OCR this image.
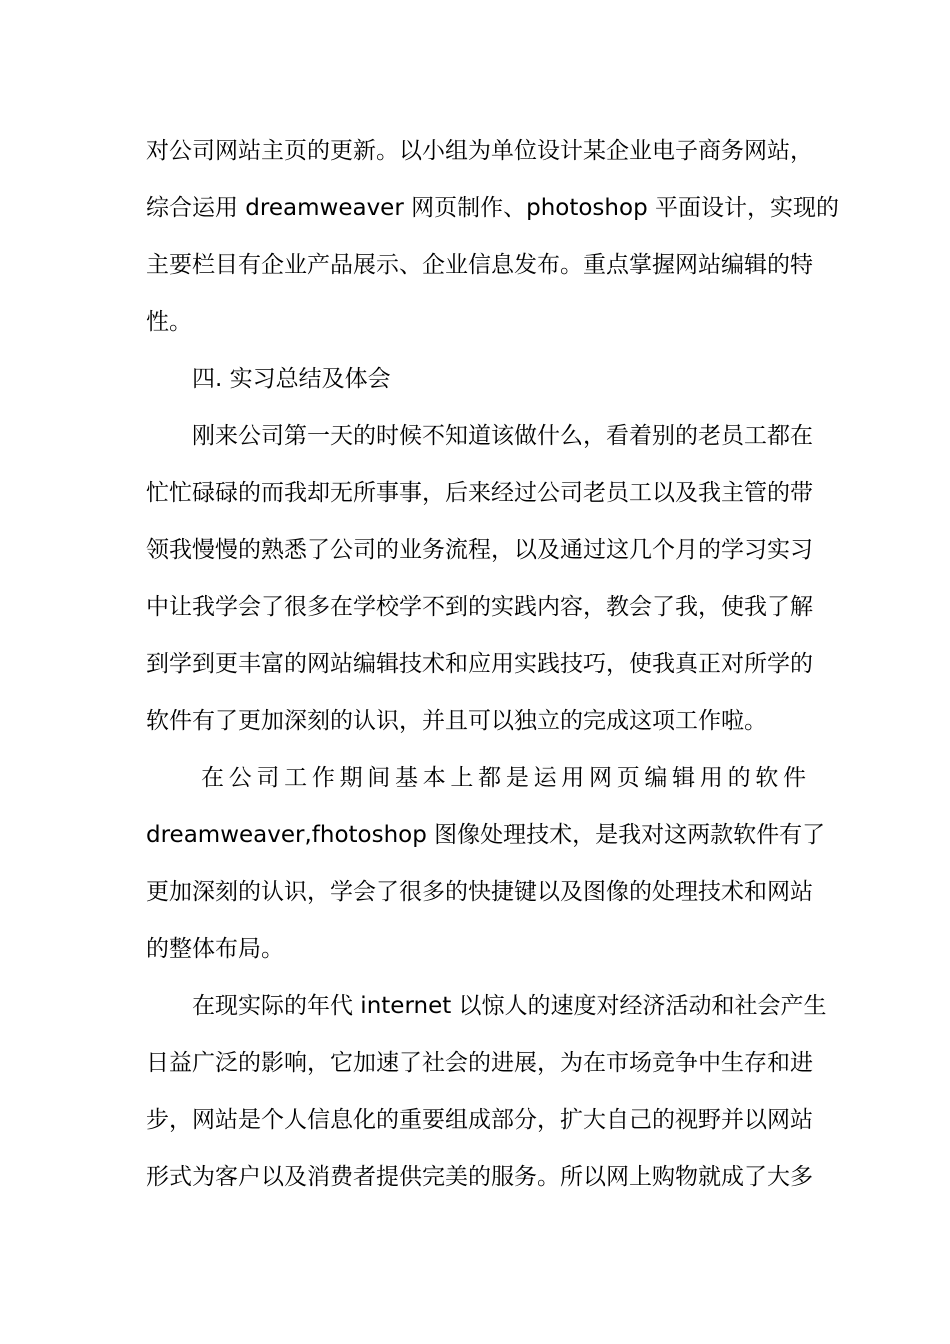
对公司网站主页的更新。以小组为单位设计某企业电子商务网站，
综合运用 dreamweaver 网页制作、photoshop 平面设计，实现的
主要栏目有企业产品展示、企业信息发布。重点掌握网站编辑的特
性。
四. 实习总结及体会
刚来公司第一天的时候不知道该做什么，看着别的老员工都在
忙忙碌碌的而我却无所事事，后来经过公司老员工以及我主管的带
领我慢慢的熟悉了公司的业务流程，以及通过这几个月的学习实习
中让我学会了很多在学校学不到的实践内容，教会了我，使我了解
到学到更丰富的网站编辑技术和应用实践技巧，使我真正对所学的
软件有了更加深刻的认识，并且可以独立的完成这项工作啦。
在公司工作期间基本上都是运用网页编辑用的软件
dreamweaver,fhotoshop 图像处理技术，是我对这两款软件有了
更加深刻的认识，学会了很多的快捷键以及图像的处理技术和网站
的整体布局。
在现实际的年代 internet 以惊人的速度对经济活动和社会产生
日益广泛的影响，它加速了社会的进展，为在市场竞争中生存和进
步，网站是个人信息化的重要组成部分，扩大自己的视野并以网站
形式为客户以及消费者提供完美的服务。所以网上购物就成了大多
